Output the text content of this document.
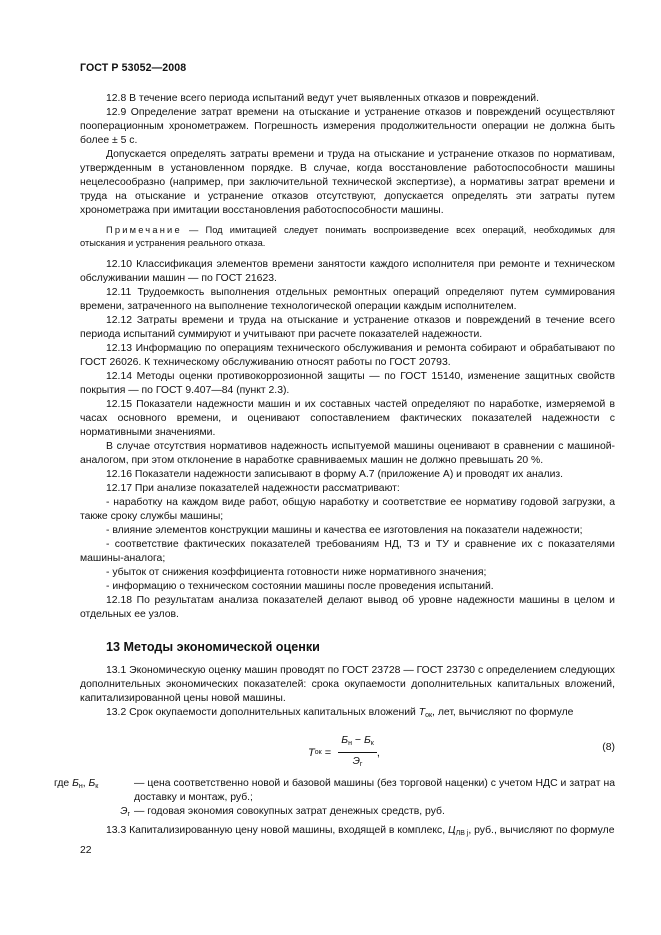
ГОСТ Р 53052—2008

12.8 В течение всего периода испытаний ведут учет выявленных отказов и повреждений.

12.9 Определение затрат времени на отыскание и устранение отказов и повреждений осуществляют пооперационным хронометражем. Погрешность измерения продолжительности операции не должна быть более ± 5 с.

Допускается определять затраты времени и труда на отыскание и устранение отказов по нормативам, утвержденным в установленном порядке. В случае, когда восстановление работоспособности машины нецелесообразно (например, при заключительной технической экспертизе), а нормативы затрат времени и труда на отыскание и устранение отказов отсутствуют, допускается определять эти затраты путем хронометража при имитации восстановления работоспособности машины.

Примечание — Под имитацией следует понимать воспроизведение всех операций, необходимых для отыскания и устранения реального отказа.

12.10 Классификация элементов времени занятости каждого исполнителя при ремонте и техническом обслуживании машин — по ГОСТ 21623.

12.11 Трудоемкость выполнения отдельных ремонтных операций определяют путем суммирования времени, затраченного на выполнение технологической операции каждым исполнителем.

12.12 Затраты времени и труда на отыскание и устранение отказов и повреждений в течение всего периода испытаний суммируют и учитывают при расчете показателей надежности.

12.13 Информацию по операциям технического обслуживания и ремонта собирают и обрабатывают по ГОСТ 26026. К техническому обслуживанию относят работы по ГОСТ 20793.

12.14 Методы оценки противокоррозионной защиты — по ГОСТ 15140, изменение защитных свойств покрытия — по ГОСТ 9.407—84 (пункт 2.3).

12.15 Показатели надежности машин и их составных частей определяют по наработке, измеряемой в часах основного времени, и оценивают сопоставлением фактических показателей надежности с нормативными значениями.

В случае отсутствия нормативов надежность испытуемой машины оценивают в сравнении с машиной-аналогом, при этом отклонение в наработке сравниваемых машин не должно превышать 20 %.

12.16 Показатели надежности записывают в форму А.7 (приложение А) и проводят их анализ.

12.17 При анализе показателей надежности рассматривают:

- наработку на каждом виде работ, общую наработку и соответствие ее нормативу годовой загрузки, а также сроку службы машины;

- влияние элементов конструкции машины и качества ее изготовления на показатели надежности;

- соответствие фактических показателей требованиям НД, ТЗ и ТУ и сравнение их с показателями машины-аналога;

- убыток от снижения коэффициента готовности ниже нормативного значения;

- информацию о техническом состоянии машины после проведения испытаний.

12.18 По результатам анализа показателей делают вывод об уровне надежности машины в целом и отдельных ее узлов.

13 Методы экономической оценки

13.1 Экономическую оценку машин проводят по ГОСТ 23728 — ГОСТ 23730 с определением следующих дополнительных экономических показателей: срока окупаемости дополнительных капитальных вложений, капитализированной цены новой машины.

13.2 Срок окупаемости дополнительных капитальных вложений $Т_{ок}$, лет, вычисляют по формуле

Т ок = $\frac{Б_н - Б_к}{Э_г}$ ,	(8)
где $Б_н$, $Б_к$	— цена соответственно новой и базовой машины (без торговой наценки) с учетом НДС и затрат на доставку и монтаж, руб.;
$Э_г$ — годовая экономия совокупных затрат денежных средств, руб.

13.3 Капитализированную цену новой машины, входящей в комплекс, $Ц_{ЛВ j}$, руб., вычисляют по формуле

22
